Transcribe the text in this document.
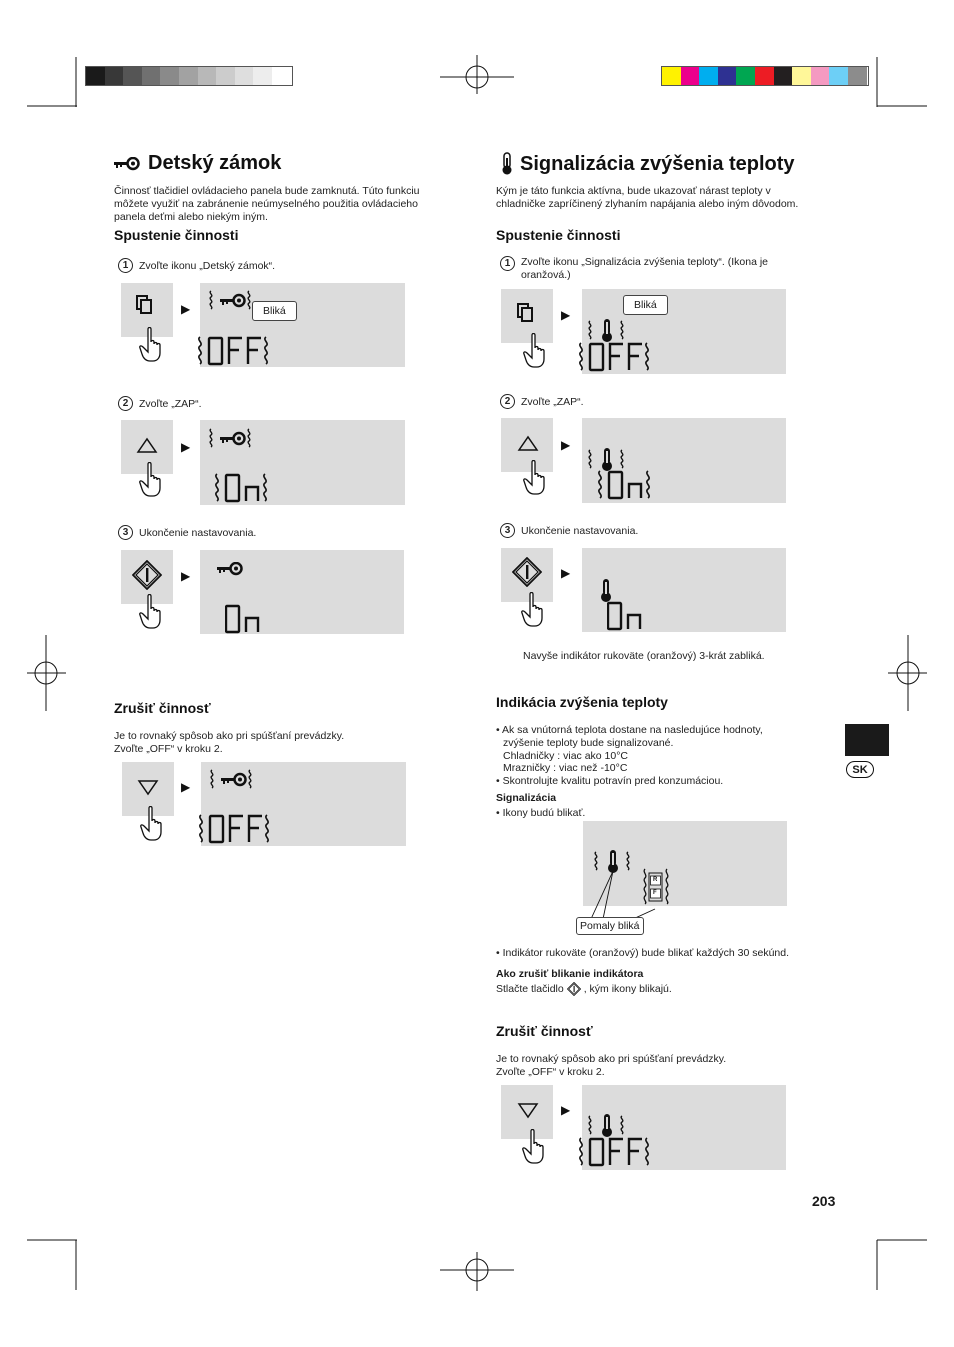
Detský zámok
Činnosť tlačidiel ovládacieho panela bude zamknutá. Túto funkciu môžete využiť na zabránenie neúmyselného použitia ovládacieho panela deťmi alebo niekým iným.
Spustenie činnosti
1	Zvoľte ikonu „Detský zámok“.
▶	Bliká
2	Zvoľte „ZAP“.
▶
3	Ukončenie nastavovania.
▶
Zrušiť činnosť
Je to rovnaký spôsob ako pri spúšťaní prevádzky.
Zvoľte „OFF“ v kroku 2.
▶
Signalizácia zvýšenia teploty
Kým je táto funkcia aktívna, bude ukazovať nárast teploty v chladničke zapríčinený zlyhaním napájania alebo iným dôvodom.
Spustenie činnosti
1	Zvoľte ikonu „Signalizácia zvýšenia teploty“. (Ikona je oranžová.)
▶
Bliká
2	Zvoľte „ZAP“.
▶
3	Ukončenie nastavovania.
▶
Navyše indikátor rukoväte (oranžový) 3-krát zabliká.
Indikácia zvýšenia teploty
• Ak sa vnútorná teplota dostane na nasledujúce hodnoty,
zvýšenie teploty bude signalizované.
Chladničky : viac ako 10°C
Mrazničky : viac než -10°C
• Skontrolujte kvalitu potravín pred konzumáciou.
Signalizácia
• Ikony budú blikať.
R
F
Pomaly bliká
• Indikátor rukoväte (oranžový) bude blikať každých 30 sekúnd.
Ako zrušiť blikanie indikátora
Stlačte tlačidlo , kým ikony blikajú.
Zrušiť činnosť
Je to rovnaký spôsob ako pri spúšťaní prevádzky.
Zvoľte „OFF“ v kroku 2.
▶
SK
203
